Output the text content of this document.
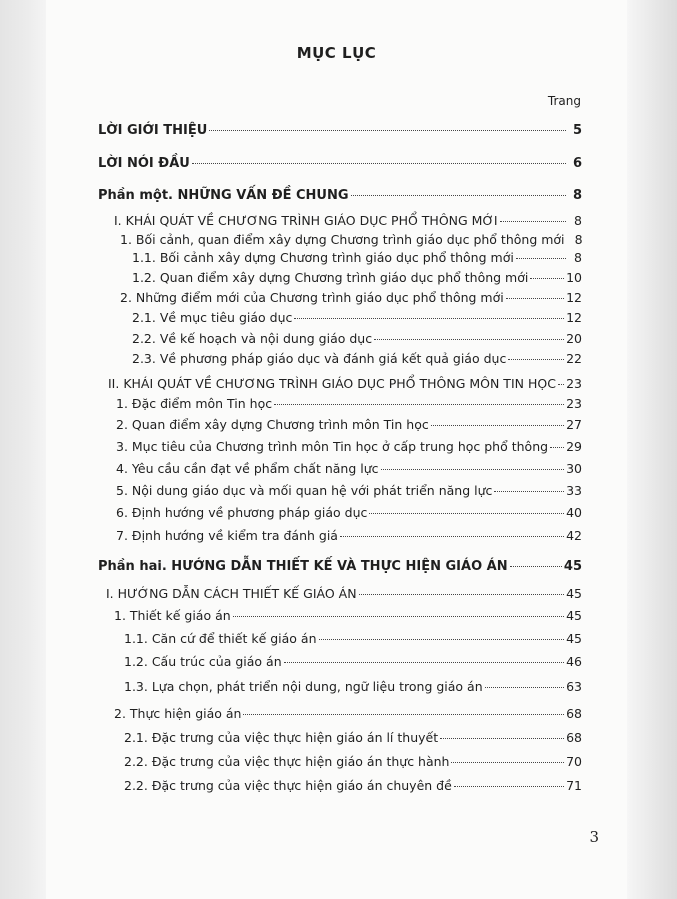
MỤC LỤC
Trang
LỜI GIỚI THIỆU	5
LỜI NÓI ĐẦU	6
Phần một. NHỮNG VẤN ĐỀ CHUNG	8
I. KHÁI QUÁT VỀ CHƯƠNG TRÌNH GIÁO DỤC PHỔ THÔNG MỚI	8
1. Bối cảnh, quan điểm xây dựng Chương trình giáo dục phổ thông mới 8
1.1. Bối cảnh xây dựng Chương trình giáo dục phổ thông mới	8
1.2. Quan điểm xây dựng Chương trình giáo dục phổ thông mới	10
2. Những điểm mới của Chương trình giáo dục phổ thông mới	12
2.1. Về mục tiêu giáo dục	12
2.2. Về kế hoạch và nội dung giáo dục	20
2.3. Về phương pháp giáo dục và đánh giá kết quả giáo dục	22
II. KHÁI QUÁT VỀ CHƯƠNG TRÌNH GIÁO DỤC PHỔ THÔNG MÔN TIN HỌC 23
1. Đặc điểm môn Tin học	23
2. Quan điểm xây dựng Chương trình môn Tin học	27
3. Mục tiêu của Chương trình môn Tin học ở cấp trung học phổ thông 29
4. Yêu cầu cần đạt về phẩm chất năng lực	30
5. Nội dung giáo dục và mối quan hệ với phát triển năng lực	33
6. Định hướng về phương pháp giáo dục	40
7. Định hướng về kiểm tra đánh giá	42
Phần hai. HƯỚNG DẪN THIẾT KẾ VÀ THỰC HIỆN GIÁO ÁN	45
I. HƯỚNG DẪN CÁCH THIẾT KẾ GIÁO ÁN	45
1. Thiết kế giáo án	45
1.1. Căn cứ để thiết kế giáo án	45
1.2. Cấu trúc của giáo án	46
1.3. Lựa chọn, phát triển nội dung, ngữ liệu trong giáo án	63
2. Thực hiện giáo án	68
2.1. Đặc trưng của việc thực hiện giáo án lí thuyết	68
2.2. Đặc trưng của việc thực hiện giáo án thực hành	70
2.2. Đặc trưng của việc thực hiện giáo án chuyên đề	71
3
